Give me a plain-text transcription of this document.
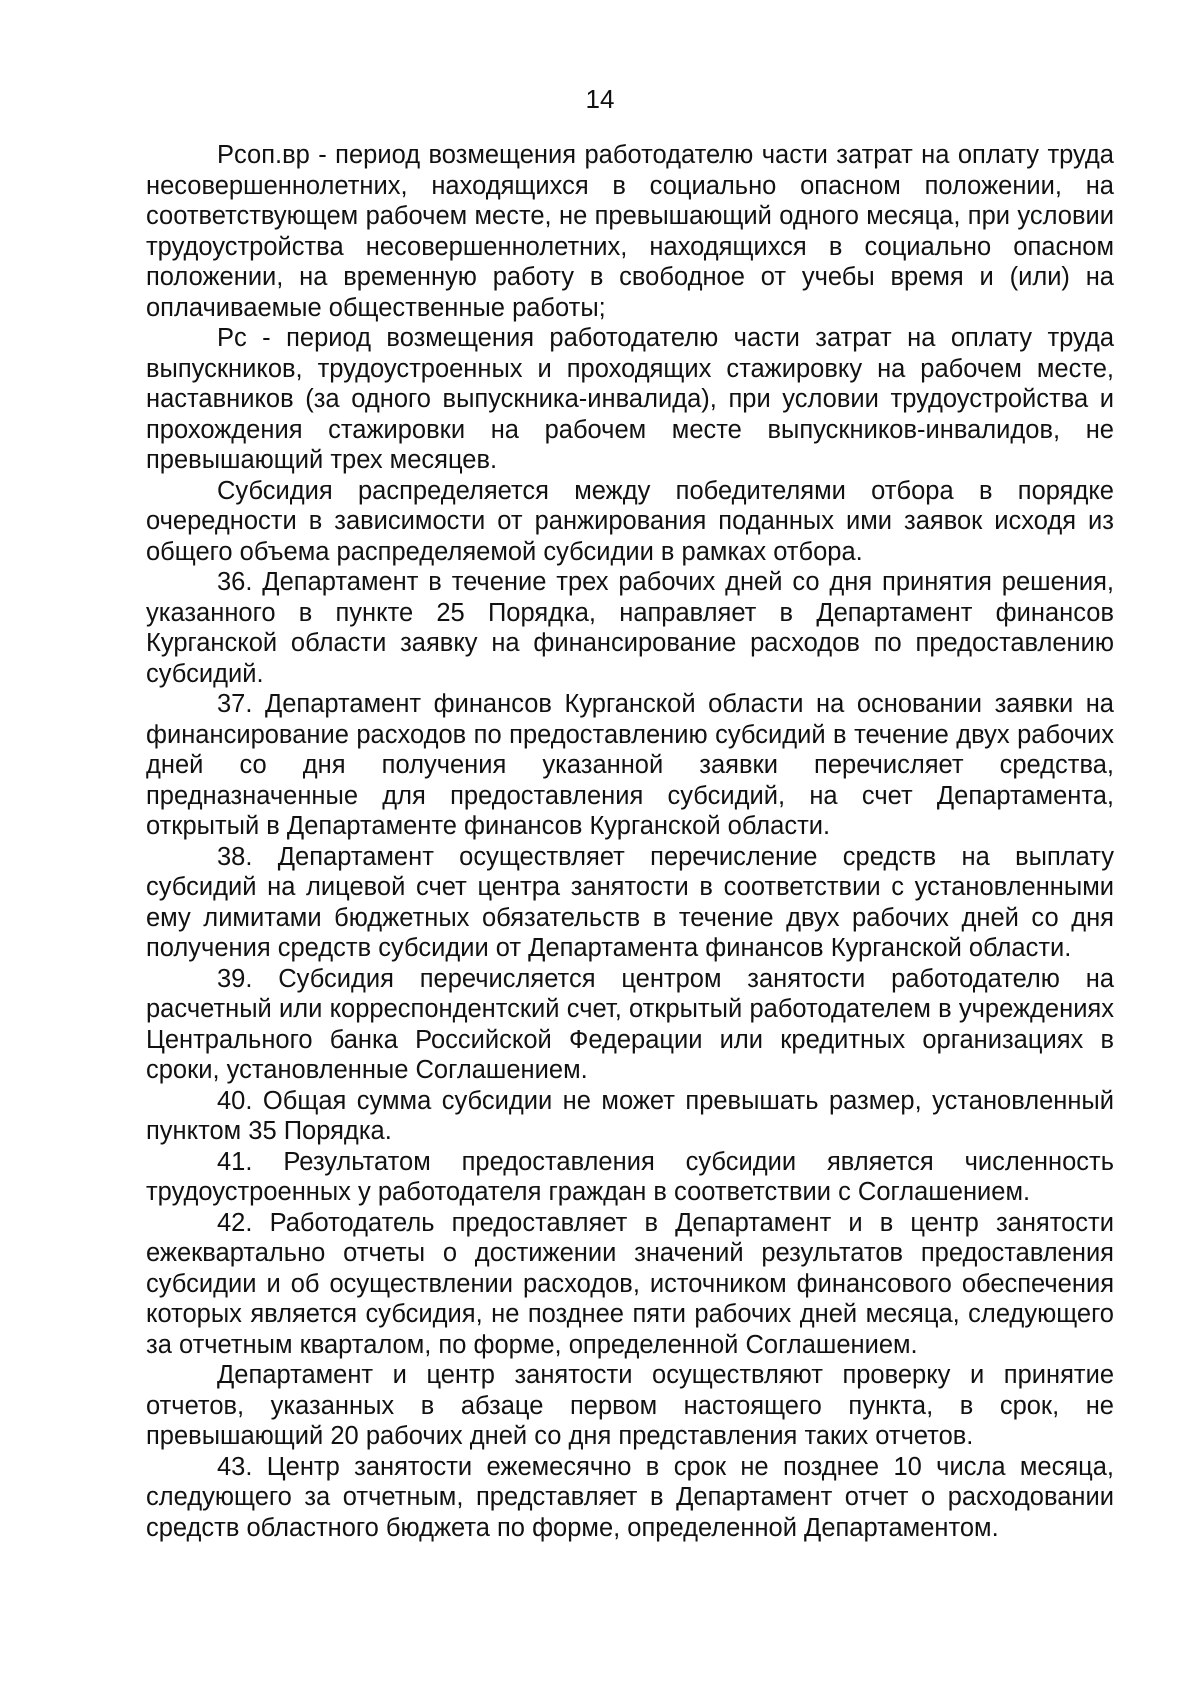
14

Рсоп.вр - период возмещения работодателю части затрат на оплату труда несовершеннолетних, находящихся в социально опасном положении, на соответствующем рабочем месте, не превышающий одного месяца, при условии трудоустройства несовершеннолетних, находящихся в социально опасном положении, на временную работу в свободное от учебы время и (или) на оплачиваемые общественные работы;

Рс - период возмещения работодателю части затрат на оплату труда выпускников, трудоустроенных и проходящих стажировку на рабочем месте, наставников (за одного выпускника-инвалида), при условии трудоустройства и прохождения стажировки на рабочем месте выпускников-инвалидов, не превышающий трех месяцев.

Субсидия распределяется между победителями отбора в порядке очередности в зависимости от ранжирования поданных ими заявок исходя из общего объема распределяемой субсидии в рамках отбора.

36. Департамент в течение трех рабочих дней со дня принятия решения, указанного в пункте 25 Порядка, направляет в Департамент финансов Курганской области заявку на финансирование расходов по предоставлению субсидий.

37. Департамент финансов Курганской области на основании заявки на финансирование расходов по предоставлению субсидий в течение двух рабочих дней со дня получения указанной заявки перечисляет средства, предназначенные для предоставления субсидий, на счет Департамента, открытый в Департаменте финансов Курганской области.

38. Департамент осуществляет перечисление средств на выплату субсидий на лицевой счет центра занятости в соответствии с установленными ему лимитами бюджетных обязательств в течение двух рабочих дней со дня получения средств субсидии от Департамента финансов Курганской области.

39. Субсидия перечисляется центром занятости работодателю на расчетный или корреспондентский счет, открытый работодателем в учреждениях Центрального банка Российской Федерации или кредитных организациях в сроки, установленные Соглашением.

40. Общая сумма субсидии не может превышать размер, установленный пунктом 35 Порядка.

41. Результатом предоставления субсидии является численность трудоустроенных у работодателя граждан в соответствии с Соглашением.

42. Работодатель предоставляет в Департамент и в центр занятости ежеквартально отчеты о достижении значений результатов предоставления субсидии и об осуществлении расходов, источником финансового обеспечения которых является субсидия, не позднее пяти рабочих дней месяца, следующего за отчетным кварталом, по форме, определенной Соглашением.

Департамент и центр занятости осуществляют проверку и принятие отчетов, указанных в абзаце первом настоящего пункта, в срок, не превышающий 20 рабочих дней со дня представления таких отчетов.

43. Центр занятости ежемесячно в срок не позднее 10 числа месяца, следующего за отчетным, представляет в Департамент отчет о расходовании средств областного бюджета по форме, определенной Департаментом.
